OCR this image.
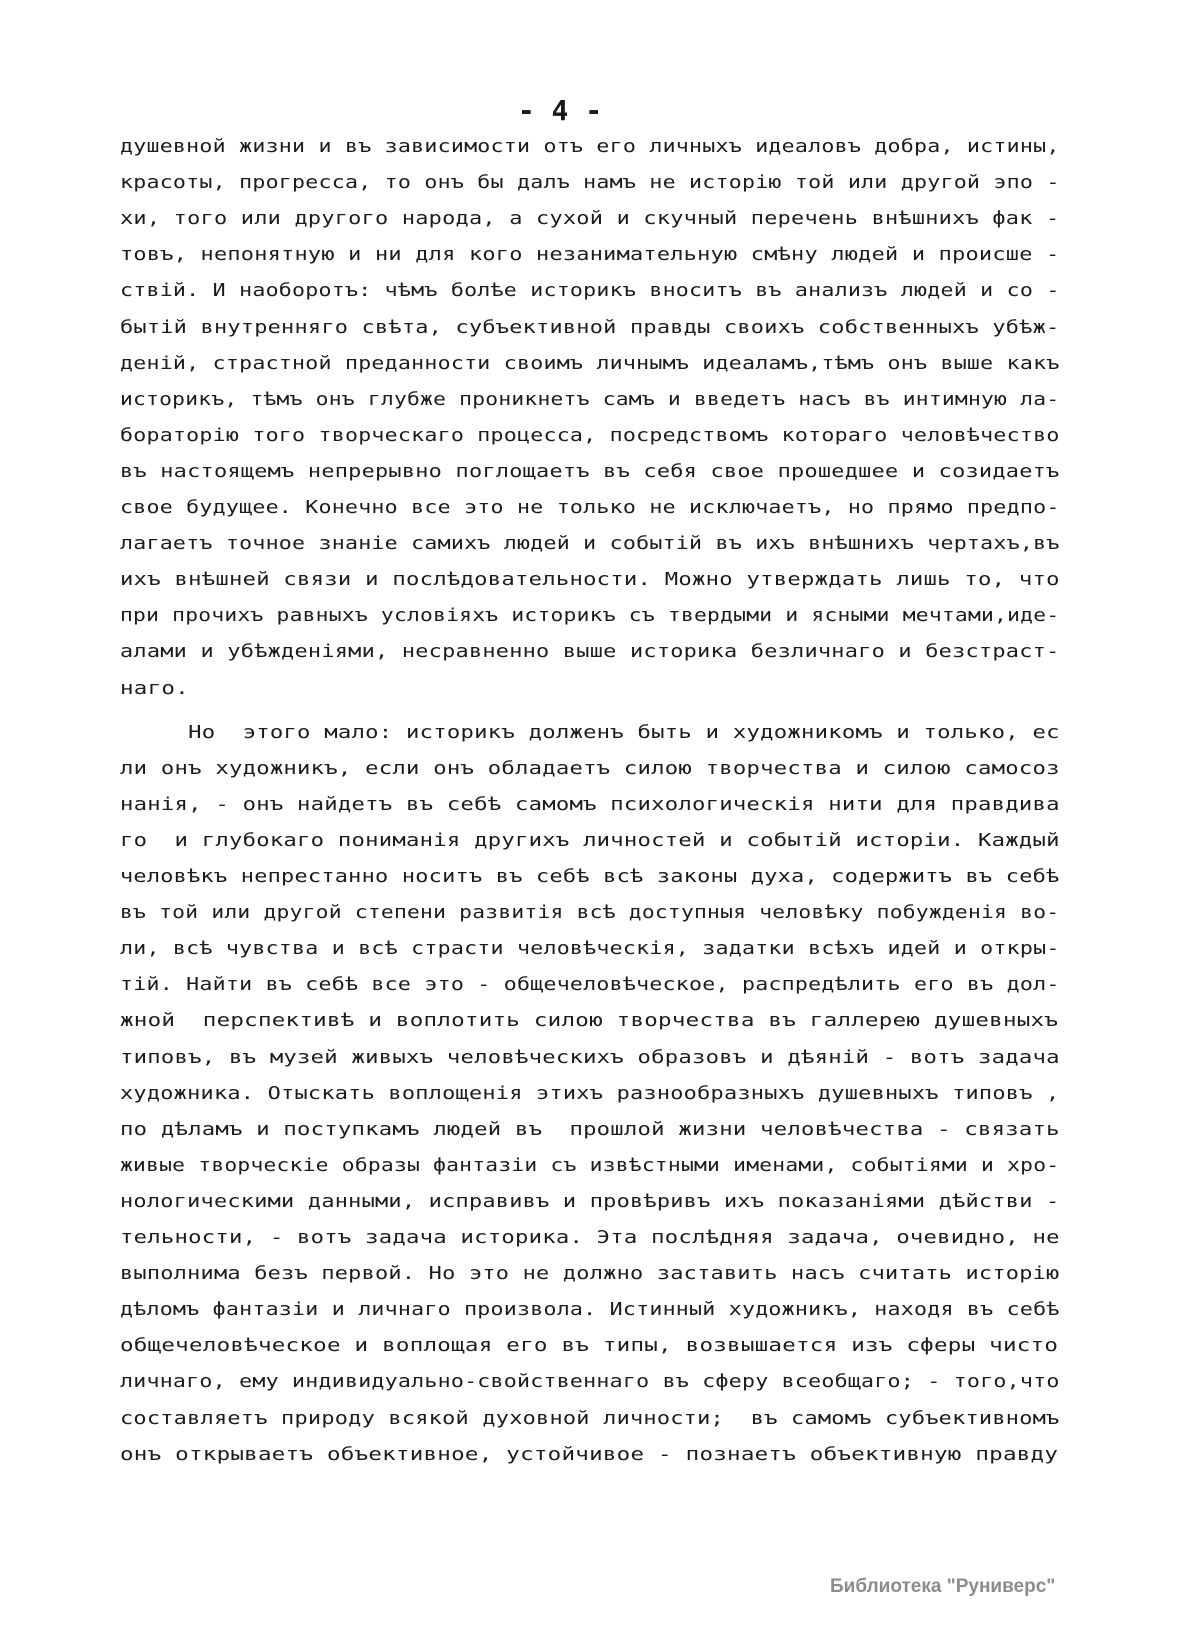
- 4 -
душевной жизни и въ зависимости отъ его личныхъ идеаловъ добра, истины,
красоты, прогресса, то онъ бы далъ намъ не исторію той или другой эпо -
хи, того или другого народа, а сухой и скучный перечень внѣшнихъ фак -
товъ, непонятную и ни для кого незанимательную смѣну людей и происше -
ствій. И наоборотъ: чѣмъ болѣе историкъ вноситъ въ анализъ людей и со -
бытій внутренняго свѣта, субъективной правды своихъ собственныхъ убѣж-
деній, страстной преданности своимъ личнымъ идеаламъ,тѣмъ онъ выше какъ
историкъ, тѣмъ онъ глубже проникнетъ самъ и введетъ насъ въ интимную ла-
бораторію того творческаго процесса, посредствомъ котораго человѣчество
въ настоящемъ непрерывно поглощаетъ въ себя свое прошедшее и созидаетъ
свое будущее. Конечно все это не только не исключаетъ, но прямо предпо-
лагаетъ точное знаніе самихъ людей и событій въ ихъ внѣшнихъ чертахъ,въ
ихъ внѣшней связи и послѣдовательности. Можно утверждать лишь то, что
при прочихъ равныхъ условіяхъ историкъ съ твердыми и ясными мечтами,иде-
алами и убѣжденіями, несравненно выше историка безличнаго и безстраст-
наго.
Но  этого мало: историкъ долженъ быть и художникомъ и только, ес
ли онъ художникъ, если онъ обладаетъ силою творчества и силою самосоз
нанія, - онъ найдетъ въ себѣ самомъ психологическія нити для правдива
го  и глубокаго пониманія другихъ личностей и событій исторіи. Каждый
человѣкъ непрестанно носитъ въ себѣ всѣ законы духа, содержитъ въ себѣ
въ той или другой степени развитія всѣ доступныя человѣку побужденія во-
ли, всѣ чувства и всѣ страсти человѣческія, задатки всѣхъ идей и откры-
тій. Найти въ себѣ все это - общечеловѣческое, распредѣлить его въ дол-
жной  перспективѣ и воплотить силою творчества въ галлерею душевныхъ
типовъ, въ музей живыхъ человѣческихъ образовъ и дѣяній - вотъ задача
художника. Отыскать воплощенія этихъ разнообразныхъ душевныхъ типовъ ,
по дѣламъ и поступкамъ людей въ  прошлой жизни человѣчества - связать
живые творческіе образы фантазіи съ извѣстными именами, событіями и хро-
нологическими данными, исправивъ и провѣривъ ихъ показаніями дѣйстви -
тельности, - вотъ задача историка. Эта послѣдняя задача, очевидно, не
выполнима безъ первой. Но это не должно заставить насъ считать исторію
дѣломъ фантазіи и личнаго произвола. Истинный художникъ, находя въ себѣ
общечеловѣческое и воплощая его въ типы, возвышается изъ сферы чисто
личнаго, ему индивидуально-свойственнаго въ сферу всеобщаго; - того,что
составляетъ природу всякой духовной личности;  въ самомъ субъективномъ
онъ открываетъ объективное, устойчивое - познаетъ объективную правду
Библиотека "Руниверс"
